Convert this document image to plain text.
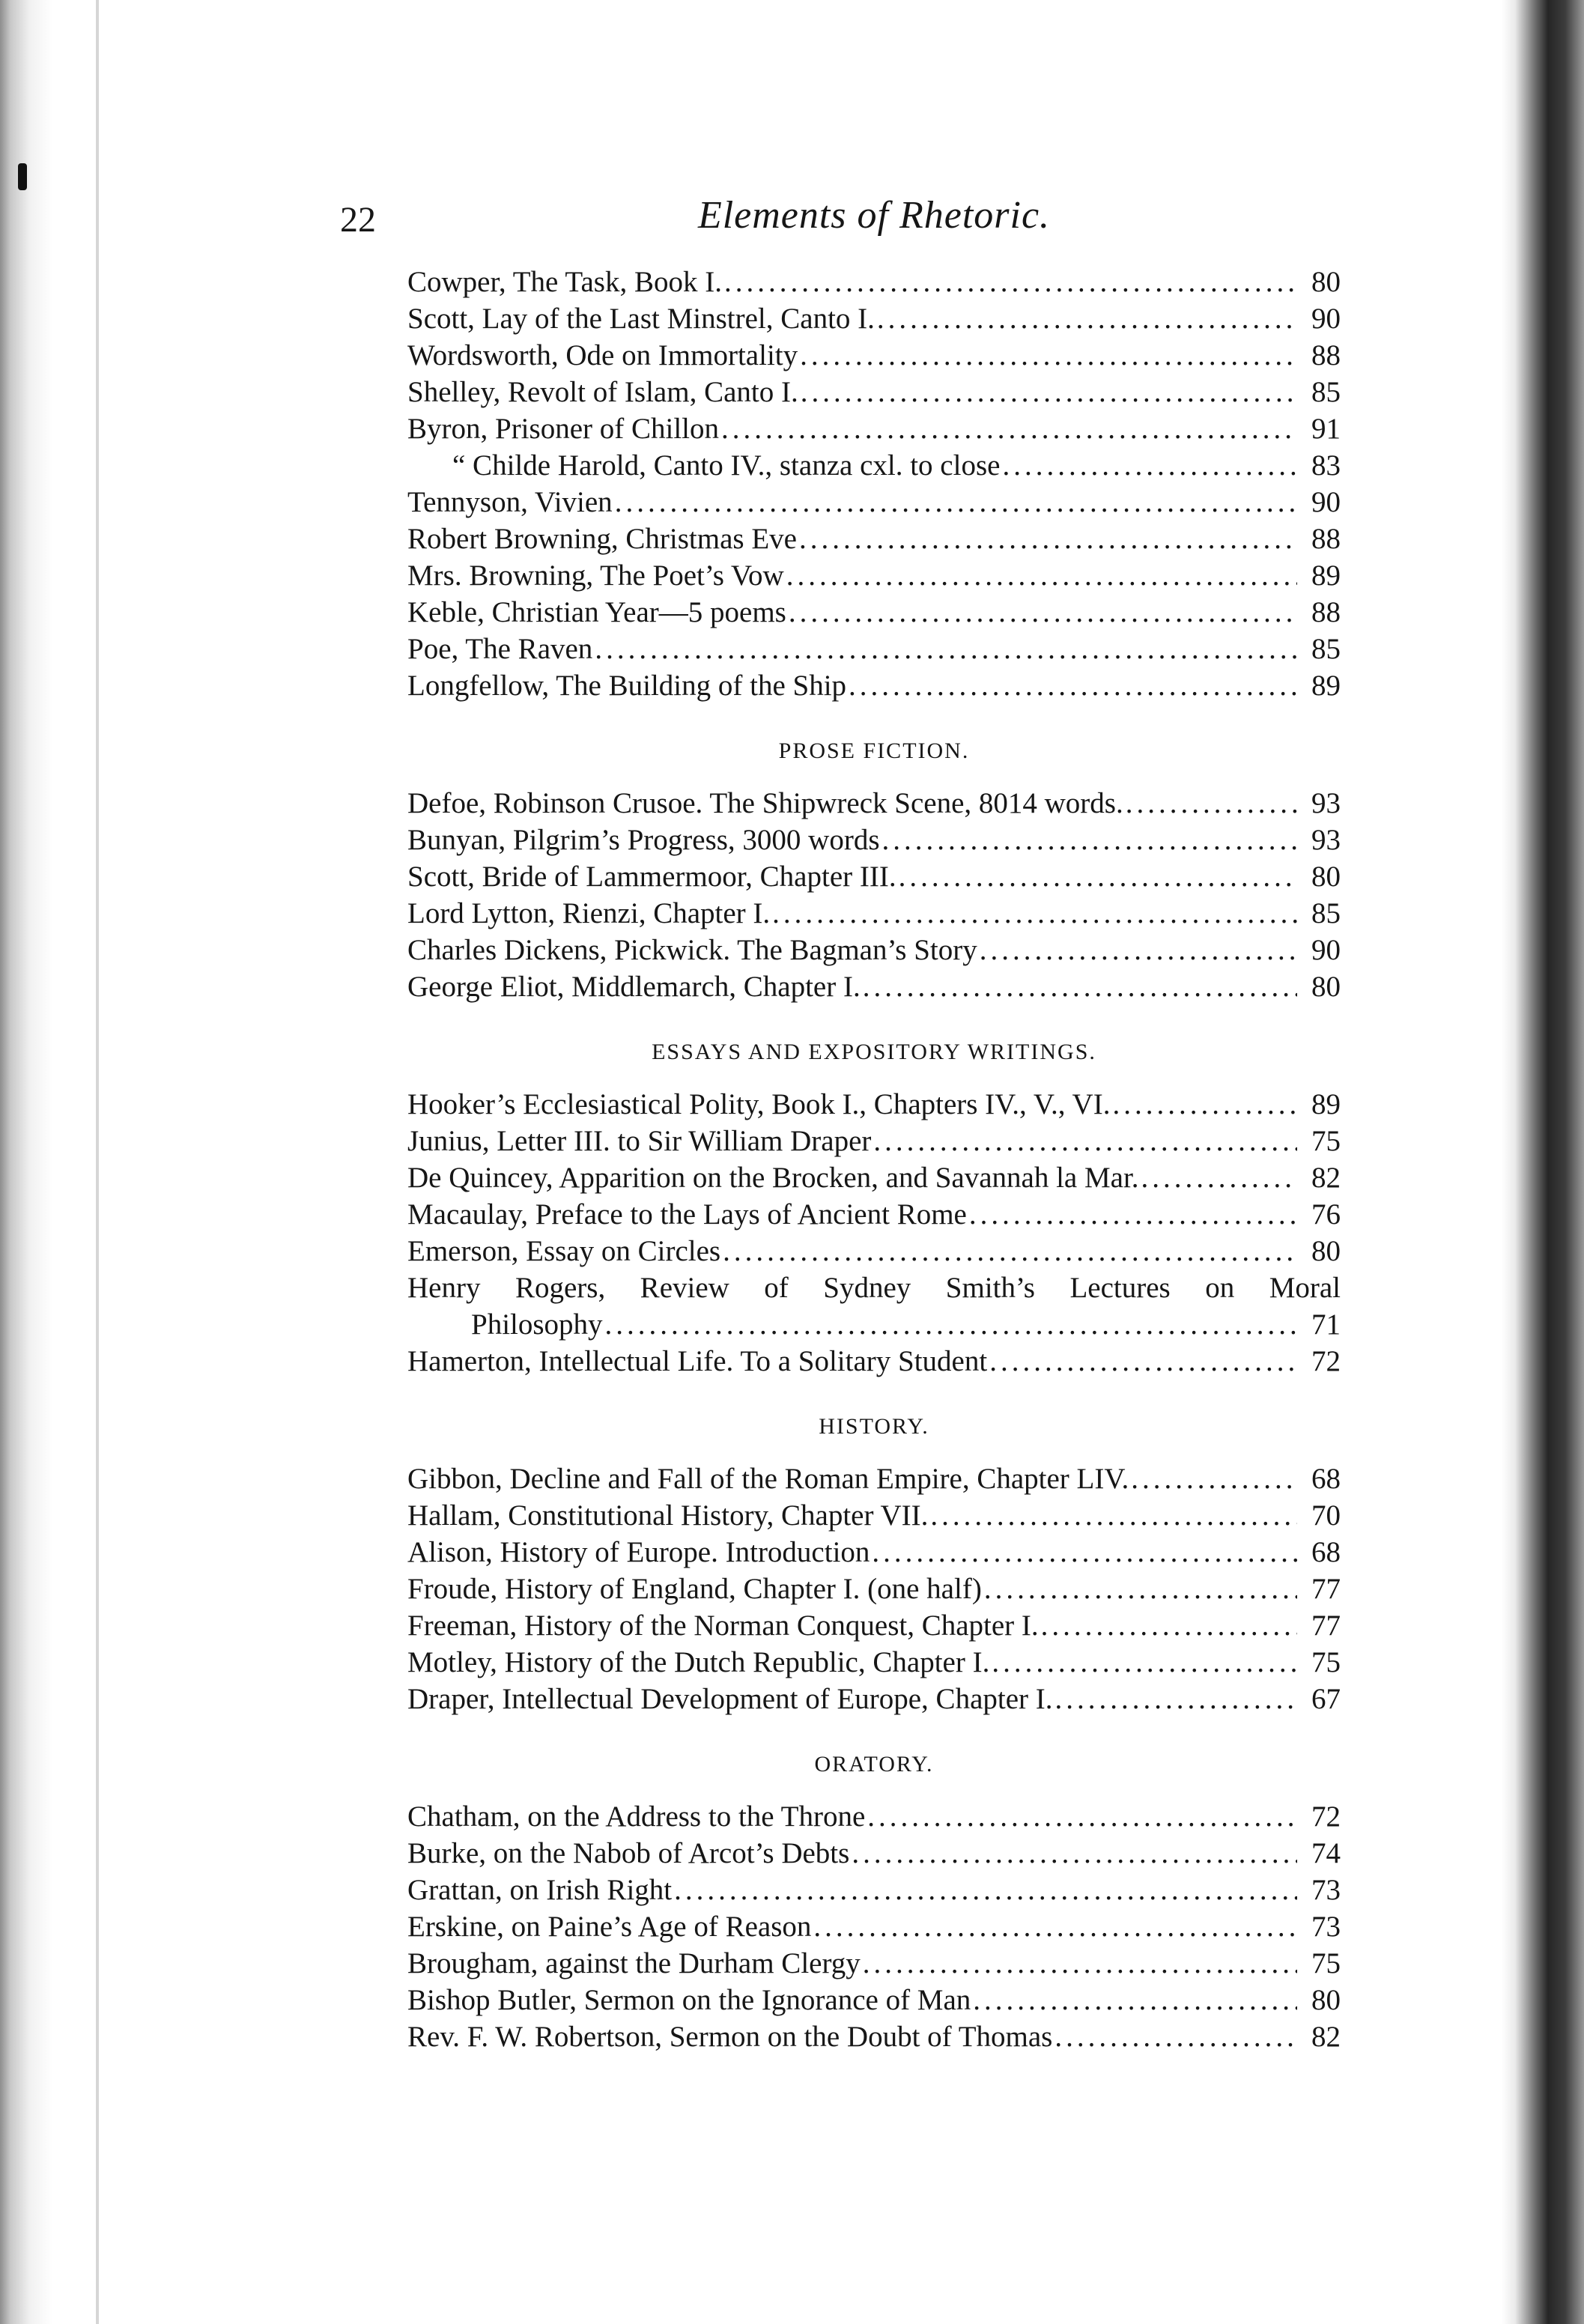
22	Elements of Rhetoric.
Cowper, The Task, Book I. .....	80
Scott, Lay of the Last Minstrel, Canto I. .....	90
Wordsworth, Ode on Immortality .....	88
Shelley, Revolt of Islam, Canto I. .....	85
Byron, Prisoner of Chillon .....	91
“ Childe Harold, Canto IV., stanza cxl. to close .....	83
Tennyson, Vivien .....	90
Robert Browning, Christmas Eve .....	88
Mrs. Browning, The Poet’s Vow .....	89
Keble, Christian Year—5 poems .....	88
Poe, The Raven .....	85
Longfellow, The Building of the Ship .....	89
PROSE FICTION.
Defoe, Robinson Crusoe. The Shipwreck Scene, 8014 words. .....	93
Bunyan, Pilgrim’s Progress, 3000 words .....	93
Scott, Bride of Lammermoor, Chapter III. .....	80
Lord Lytton, Rienzi, Chapter I. .....	85
Charles Dickens, Pickwick. The Bagman’s Story .....	90
George Eliot, Middlemarch, Chapter I. .....	80
ESSAYS AND EXPOSITORY WRITINGS.
Hooker’s Ecclesiastical Polity, Book I., Chapters IV., V., VI. .....	89
Junius, Letter III. to Sir William Draper .....	75
De Quincey, Apparition on the Brocken, and Savannah la Mar. .....	82
Macaulay, Preface to the Lays of Ancient Rome .....	76
Emerson, Essay on Circles .....	80
Henry Rogers, Review of Sydney Smith’s Lectures on Moral
Philosophy .....	71
Hamerton, Intellectual Life. To a Solitary Student .....	72
HISTORY.
Gibbon, Decline and Fall of the Roman Empire, Chapter LIV. .....	68
Hallam, Constitutional History, Chapter VII. .....	70
Alison, History of Europe. Introduction .....	68
Froude, History of England, Chapter I. (one half) .....	77
Freeman, History of the Norman Conquest, Chapter I. .....	77
Motley, History of the Dutch Republic, Chapter I. .....	75
Draper, Intellectual Development of Europe, Chapter I. .....	67
ORATORY.
Chatham, on the Address to the Throne .....	72
Burke, on the Nabob of Arcot’s Debts .....	74
Grattan, on Irish Right .....	73
Erskine, on Paine’s Age of Reason .....	73
Brougham, against the Durham Clergy .....	75
Bishop Butler, Sermon on the Ignorance of Man .....	80
Rev. F. W. Robertson, Sermon on the Doubt of Thomas .....	82
